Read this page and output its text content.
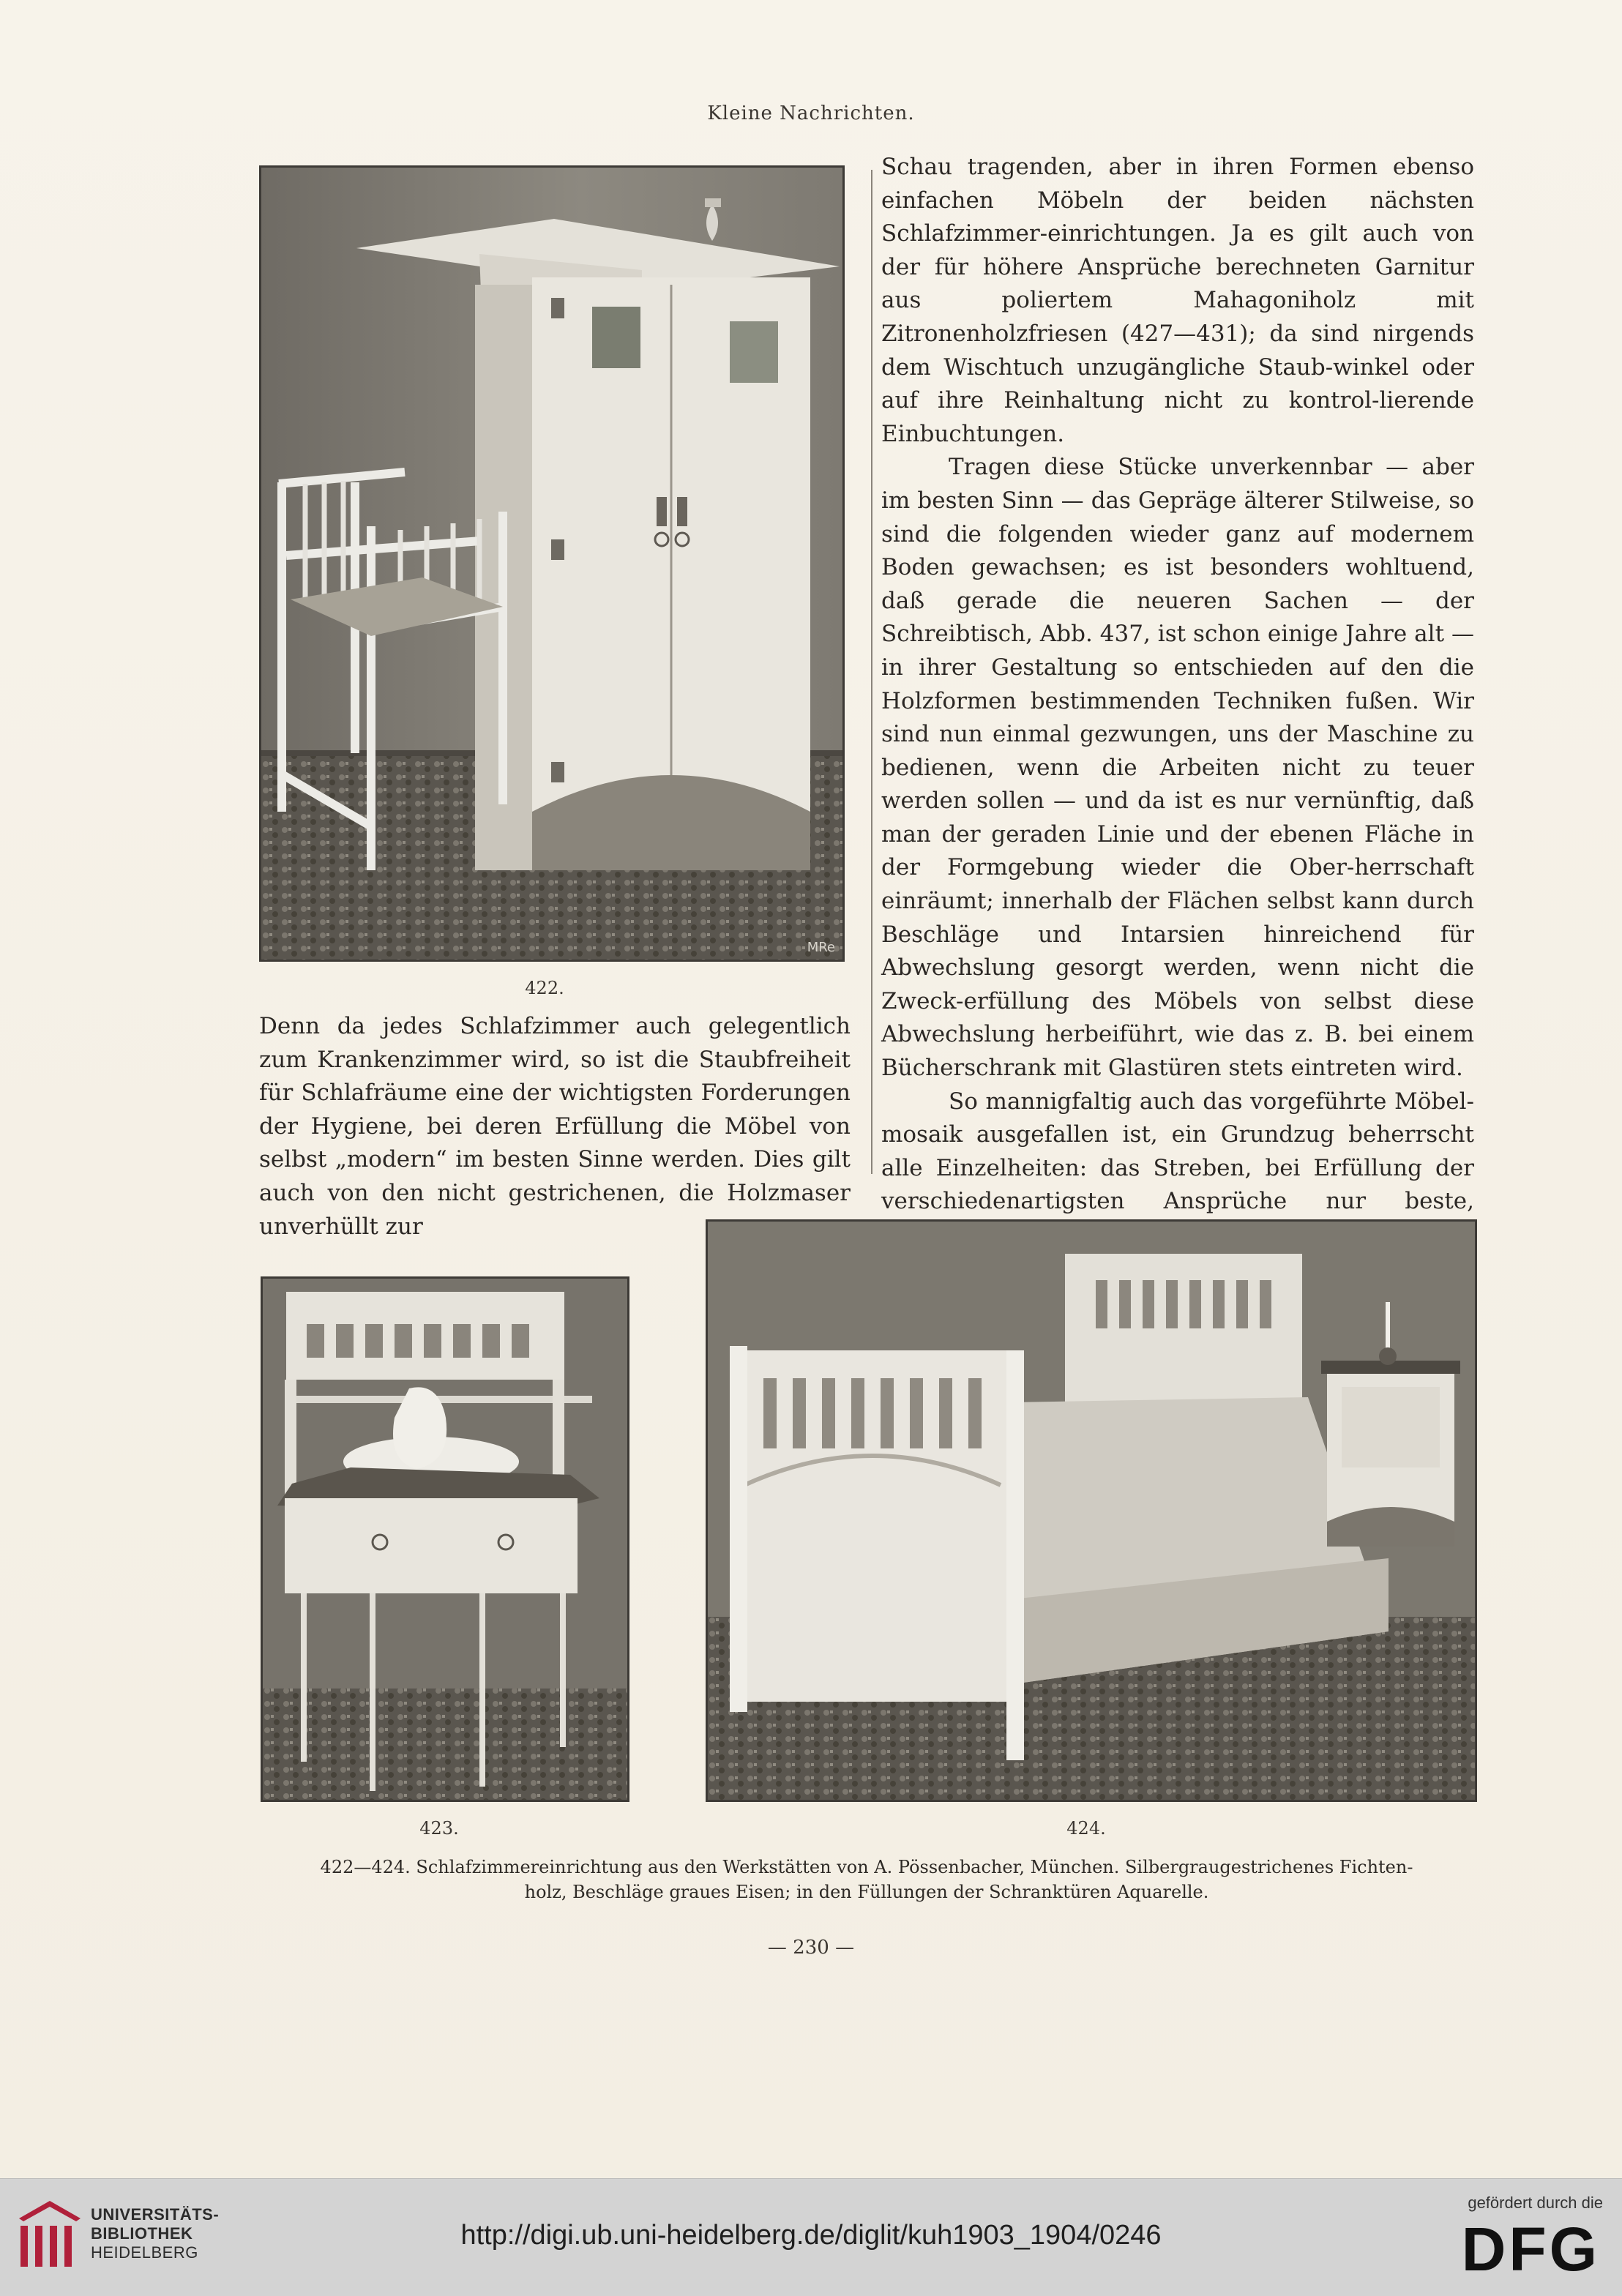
Kleine Nachrichten.
MRe
422.

Denn da jedes Schlafzimmer auch gelegentlich zum Krankenzimmer wird, so ist die Staubfreiheit für Schlafräume eine der wichtigsten Forderungen der Hygiene, bei deren Erfüllung die Möbel von selbst „modern“ im besten Sinne werden. Dies gilt auch von den nicht gestrichenen, die Holzmaser unverhüllt zur

Schau tragenden, aber in ihren Formen ebenso einfachen Möbeln der beiden nächsten Schlafzimmer-einrichtungen. Ja es gilt auch von der für höhere Ansprüche berechneten Garnitur aus poliertem Mahagoniholz mit Zitronenholzfriesen (427—431); da sind nirgends dem Wischtuch unzugängliche Staub-winkel oder auf ihre Reinhaltung nicht zu kontrol-lierende Einbuchtungen.

Tragen diese Stücke unverkennbar — aber im besten Sinn — das Gepräge älterer Stilweise, so sind die folgenden wieder ganz auf modernem Boden gewachsen; es ist besonders wohltuend, daß gerade die neueren Sachen — der Schreibtisch, Abb. 437, ist schon einige Jahre alt — in ihrer Gestaltung so entschieden auf den die Holzformen bestimmenden Techniken fußen. Wir sind nun einmal gezwungen, uns der Maschine zu bedienen, wenn die Arbeiten nicht zu teuer werden sollen — und da ist es nur vernünftig, daß man der geraden Linie und der ebenen Fläche in der Formgebung wieder die Ober-herrschaft einräumt; innerhalb der Flächen selbst kann durch Beschläge und Intarsien hinreichend für Abwechslung gesorgt werden, wenn nicht die Zweck-erfüllung des Möbels von selbst diese Abwechslung herbeiführt, wie das z. B. bei einem Bücherschrank mit Glastüren stets eintreten wird.

So mannigfaltig auch das vorgeführte Möbel-mosaik ausgefallen ist, ein Grundzug beherrscht alle Einzelheiten: das Streben, bei Erfüllung der verschiedenartigsten Ansprüche nur beste,

423.	424.
422—424. Schlafzimmereinrichtung aus den Werkstätten von A. Pössenbacher, München. Silbergraugestrichenes Fichten-
holz, Beschläge graues Eisen; in den Füllungen der Schranktüren Aquarelle.
— 230 —
UNIVERSITÄTS-
BIBLIOTHEK
HEIDELBERG
http://digi.ub.uni-heidelberg.de/diglit/kuh1903_1904/0246
gefördert durch die
DFG
